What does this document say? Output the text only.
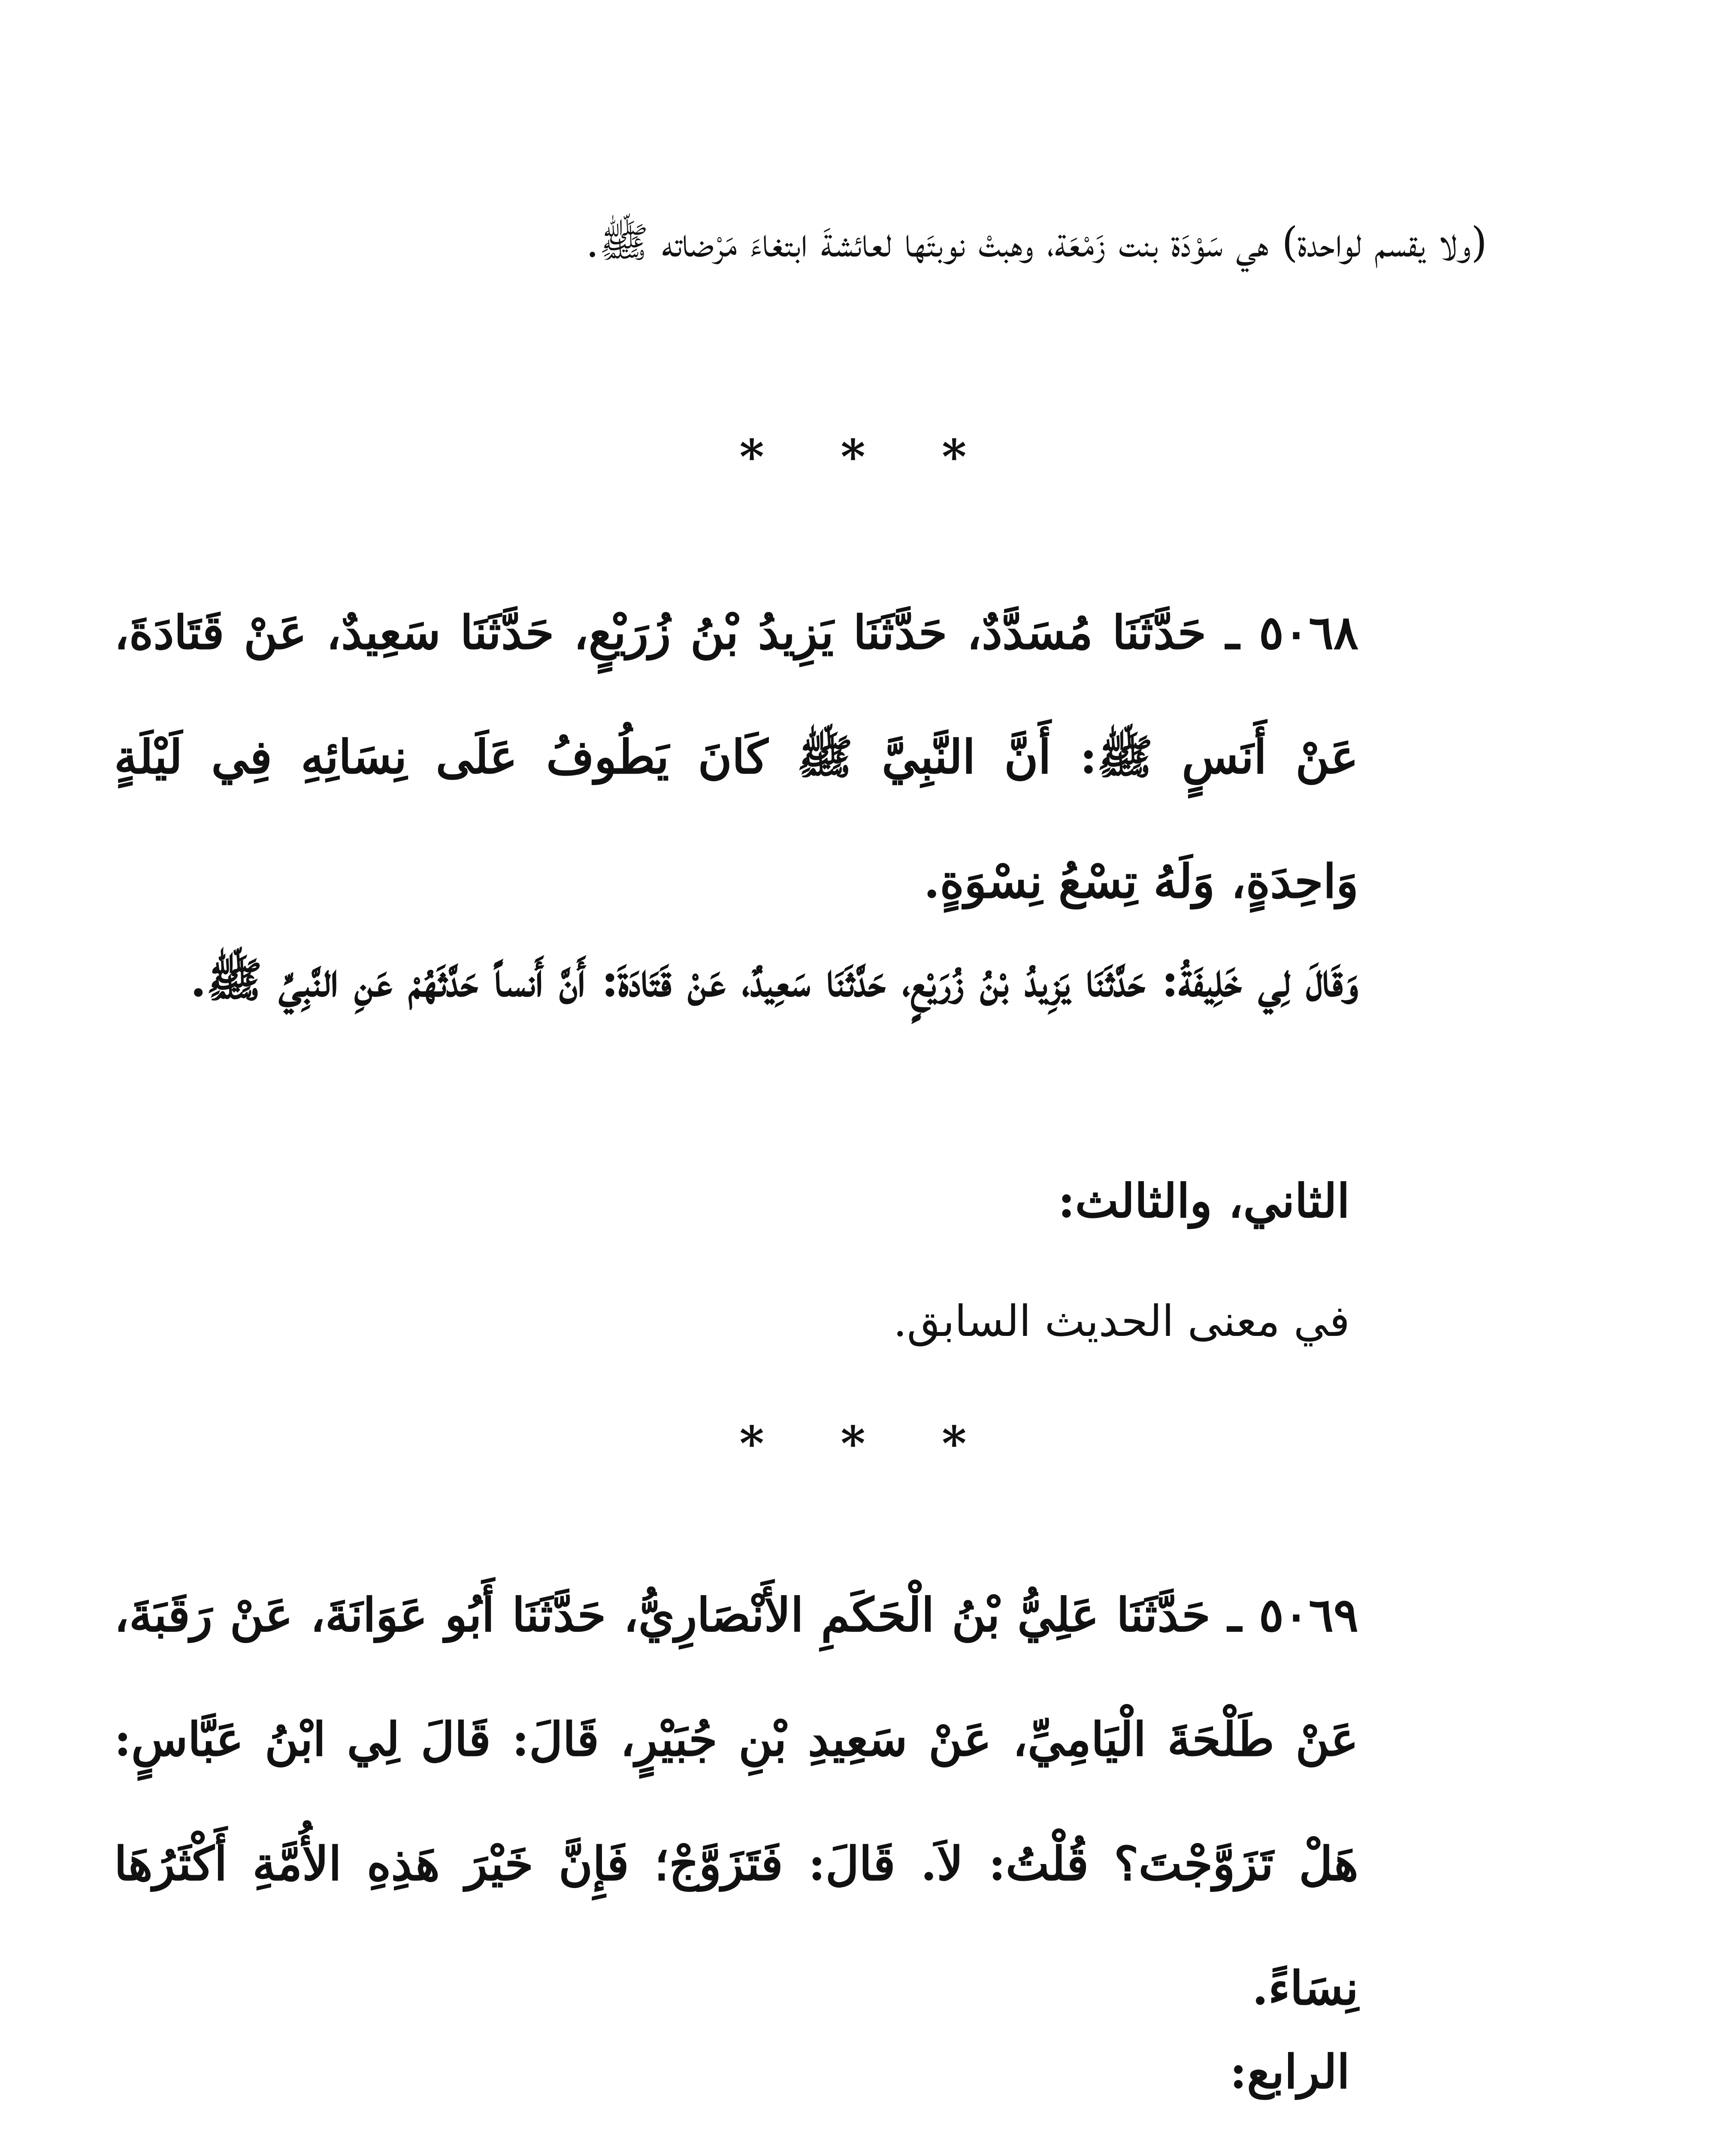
(ولا يقسم لواحدة) هي سَوْدَة بنت زَمْعَة، وهبتْ نوبتَها لعائشةَ ابتغاءَ مَرْضاته ﷺ.
* * *
٥٠٦٨ ـ حَدَّثَنَا مُسَدَّدٌ، حَدَّثَنَا يَزِيدُ بْنُ زُرَيْعٍ، حَدَّثَنَا سَعِيدٌ، عَنْ قَتَادَةَ، عَنْ أَنَسٍ ﷺ: أَنَّ النَّبِيَّ ﷺ كَانَ يَطُوفُ عَلَى نِسَائِهِ فِي لَيْلَةٍ وَاحِدَةٍ، وَلَهُ تِسْعُ نِسْوَةٍ.
وَقَالَ لِي خَلِيفَةُ: حَدَّثَنَا يَزِيدُ بْنُ زُرَيْعٍ، حَدَّثَنَا سَعِيدٌ، عَنْ قَتَادَةَ: أَنَّ أَنساً حَدَّثَهُمْ عَنِ النَّبِيِّ ﷺ.
الثاني، والثالث:
في معنى الحديث السابق.
* * *
٥٠٦٩ ـ حَدَّثَنَا عَلِيُّ بْنُ الْحَكَمِ الأَنْصَارِيُّ، حَدَّثَنَا أَبُو عَوَانَةَ، عَنْ رَقَبَةَ، عَنْ طَلْحَةَ الْيَامِيِّ، عَنْ سَعِيدِ بْنِ جُبَيْرٍ، قَالَ: قَالَ لِي ابْنُ عَبَّاسٍ: هَلْ تَزَوَّجْتَ؟ قُلْتُ: لاَ. قَالَ: فَتَزَوَّجْ؛ فَإِنَّ خَيْرَ هَذِهِ الأُمَّةِ أَكْثَرُهَا نِسَاءً.
الرابع:
